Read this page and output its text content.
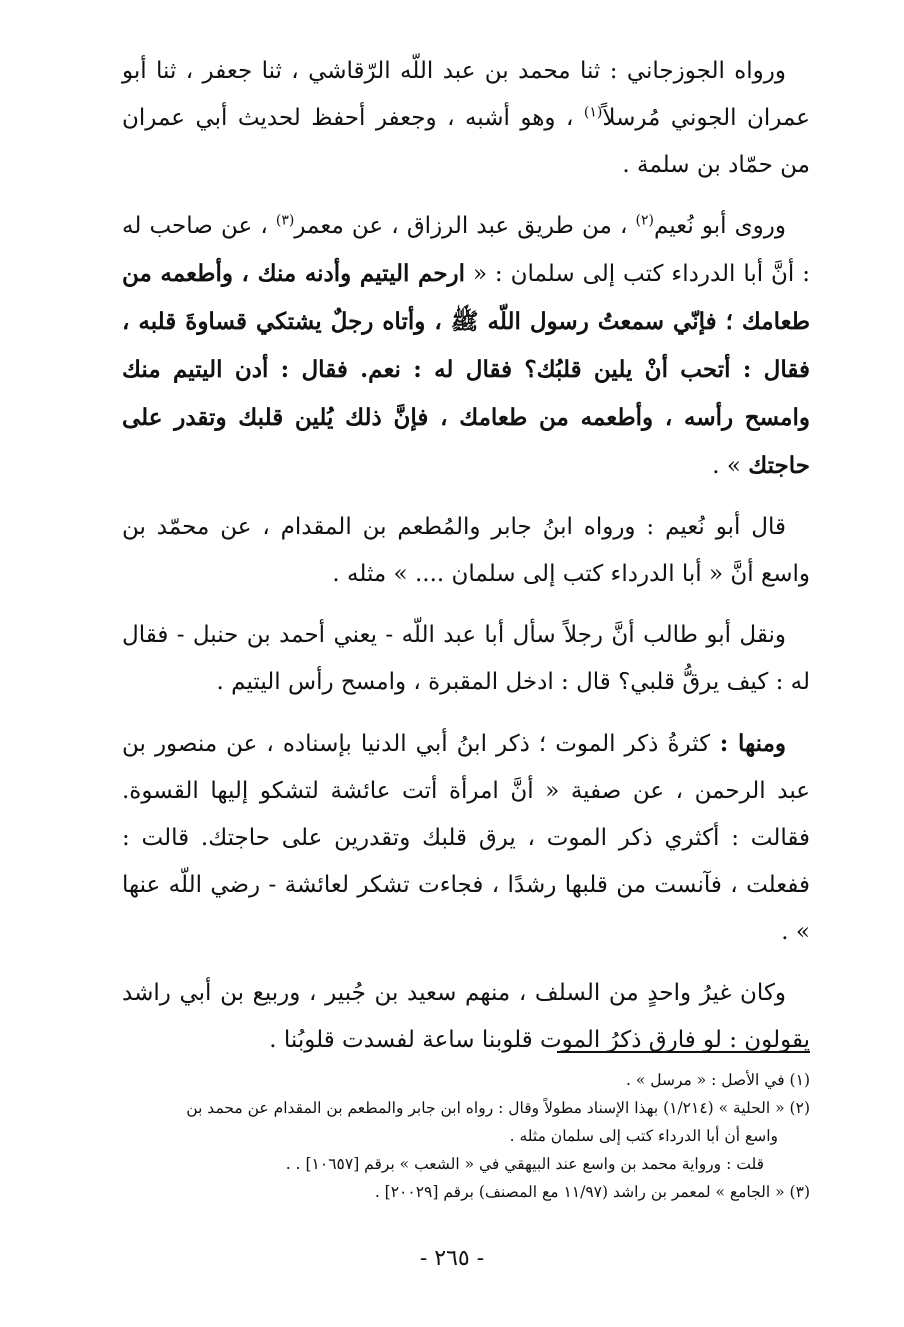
ورواه الجوزجاني : ثنا محمد بن عبد اللّه الرّقاشي ، ثنا جعفر ، ثنا أبو عمران الجوني مُرسلاً$^{(١)}$ ، وهو أشبه ، وجعفر أحفظ لحديث أبي عمران من حمّاد بن سلمة .

وروى أبو نُعيم$^{(٢)}$ ، من طريق عبد الرزاق ، عن معمر$^{(٣)}$ ، عن صاحب له : أنَّ أبا الدرداء كتب إلى سلمان : « ارحم اليتيم وأدنه منك ، وأطعمه من طعامك ؛ فإنّي سمعتُ رسول اللّه ﷺ ، وأتاه رجلٌ يشتكي قساوةَ قلبه ، فقال : أتحب أنْ يلين قلبُك؟ فقال له : نعم. فقال : أدن اليتيم منك وامسح رأسه ، وأطعمه من طعامك ، فإنَّ ذلك يُلين قلبك وتقدر على حاجتك » .

قال أبو نُعيم : ورواه ابنُ جابر والمُطعم بن المقدام ، عن محمّد بن واسع أنَّ « أبا الدرداء كتب إلى سلمان .... » مثله .

ونقل أبو طالب أنَّ رجلاً سأل أبا عبد اللّه - يعني أحمد بن حنبل - فقال له : كيف يرقُّ قلبي؟ قال : ادخل المقبرة ، وامسح رأس اليتيم .

ومنها : كثرةُ ذكر الموت ؛ ذكر ابنُ أبي الدنيا بإسناده ، عن منصور بن عبد الرحمن ، عن صفية « أنَّ امرأة أتت عائشة لتشكو إليها القسوة. فقالت : أكثري ذكر الموت ، يرق قلبك وتقدرين على حاجتك. قالت : ففعلت ، فآنست من قلبها رشدًا ، فجاءت تشكر لعائشة - رضي اللّه عنها » .

وكان غيرُ واحدٍ من السلف ، منهم سعيد بن جُبير ، وربيع بن أبي راشد يقولون : لو فارق ذكرُ الموت قلوبنا ساعة لفسدت قلوبُنا .

(١) في الأصل : « مرسل » .

(٢) « الحلية » (١/٢١٤) بهذا الإسناد مطولاً وقال : رواه ابن جابر والمطعم بن المقدام عن محمد بن

واسع أن أبا الدرداء كتب إلى سلمان مثله .

قلت : ورواية محمد بن واسع عند البيهقي في « الشعب » برقم [١٠٦٥٧] . .

(٣) « الجامع » لمعمر بن راشد (١١/٩٧ مع المصنف) برقم [٢٠٠٢٩] .

- ٢٦٥ -
